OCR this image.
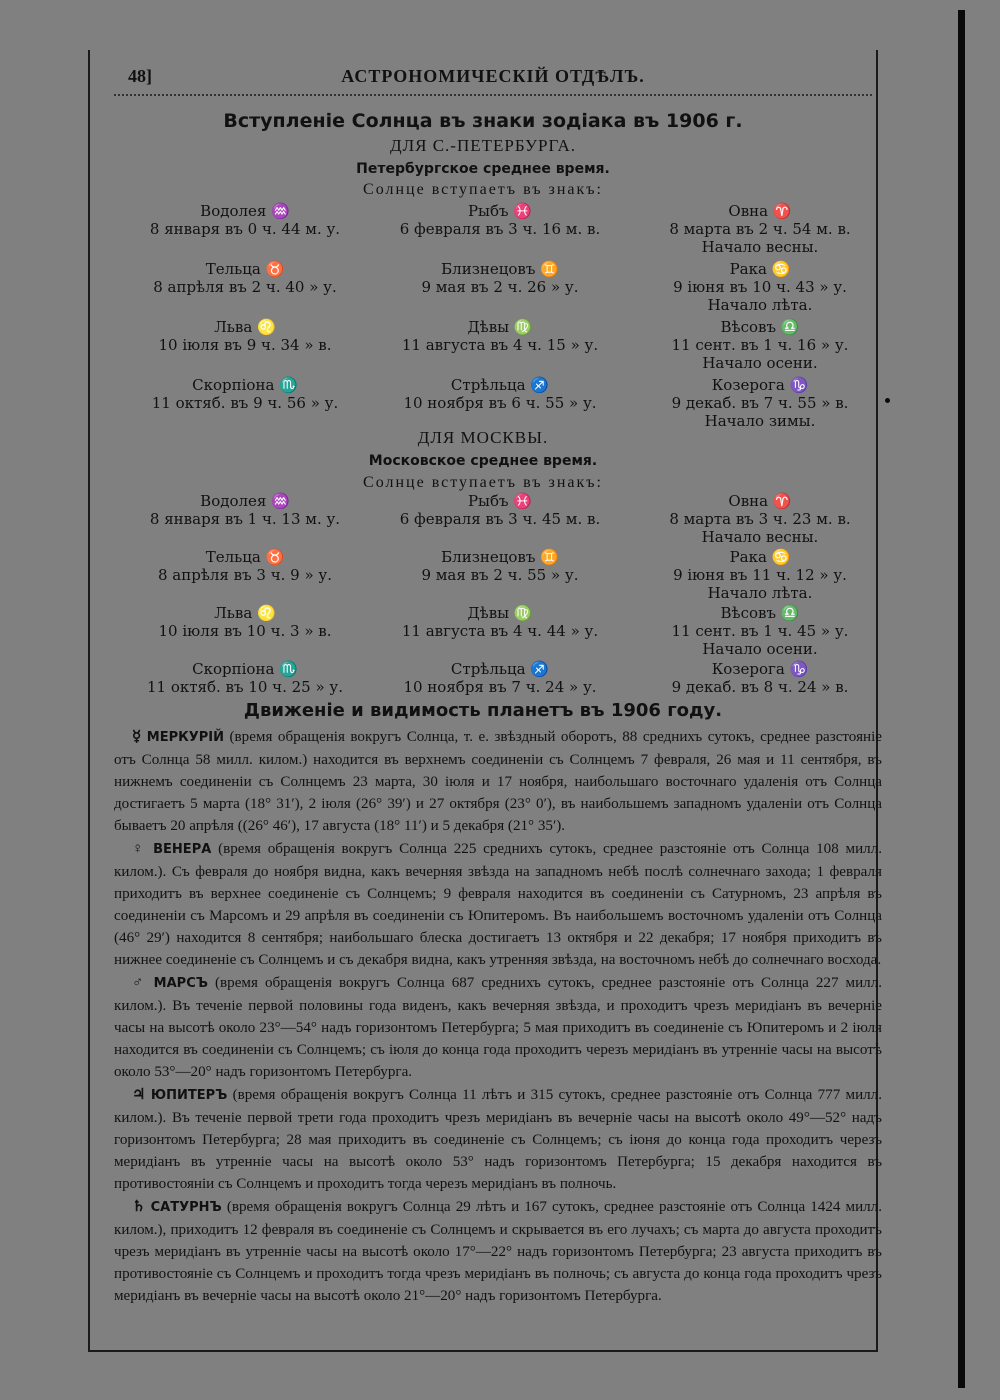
48]	АСТРОНОМИЧЕСКІЙ ОТДѢЛЪ.
Вступленіе Солнца въ знаки зодіака въ 1906 г.
ДЛЯ С.-ПЕТЕРБУРГА.
Петербургское среднее время.
Солнце вступаетъ въ знакъ:
Водолея ♒
8 января въ 0 ч. 44 м. у.
Рыбъ ♓
6 февраля въ 3 ч. 16 м. в.
Овна ♈
8 марта въ 2 ч. 54 м. в.
Начало весны.
Тельца ♉
8 апрѣля въ 2 ч. 40 » у.
Близнецовъ ♊
9 мая въ 2 ч. 26 » у.
Рака ♋
9 іюня въ 10 ч. 43 » у.
Начало лѣта.
Льва ♌
10 іюля въ 9 ч. 34 » в.
Дѣвы ♍
11 августа въ 4 ч. 15 » у.
Вѣсовъ ♎
11 сент. въ 1 ч. 16 » у.
Начало осени.
Скорпіона ♏
11 октяб. въ 9 ч. 56 » у.
Стрѣльца ♐
10 ноября въ 6 ч. 55 » у.
Козерога ♑
9 декаб. въ 7 ч. 55 » в.
Начало зимы.
ДЛЯ МОСКВЫ.
Московское среднее время.
Солнце вступаетъ въ знакъ:
Водолея ♒
8 января въ 1 ч. 13 м. у.
Рыбъ ♓
6 февраля въ 3 ч. 45 м. в.
Овна ♈
8 марта въ 3 ч. 23 м. в.
Начало весны.
Тельца ♉
8 апрѣля въ 3 ч. 9 » у.
Близнецовъ ♊
9 мая въ 2 ч. 55 » у.
Рака ♋
9 іюня въ 11 ч. 12 » у.
Начало лѣта.
Льва ♌
10 іюля въ 10 ч. 3 » в.
Дѣвы ♍
11 августа въ 4 ч. 44 » у.
Вѣсовъ ♎
11 сент. въ 1 ч. 45 » у.
Начало осени.
Скорпіона ♏
11 октяб. въ 10 ч. 25 » у.
Стрѣльца ♐
10 ноября въ 7 ч. 24 » у.
Козерога ♑
9 декаб. въ 8 ч. 24 » в.
Движеніе и видимость планетъ въ 1906 году.

☿ МЕРКУРІЙ (время обращенія вокругъ Солнца, т. е. звѣздный оборотъ, 88 среднихъ сутокъ, среднее разстояніе отъ Солнца 58 милл. килом.) находится въ верхнемъ соединеніи съ Солнцемъ 7 февраля, 26 мая и 11 сентября, въ нижнемъ соединеніи съ Солнцемъ 23 марта, 30 іюля и 17 ноября, наибольшаго восточнаго удаленія отъ Солнца достигаетъ 5 марта (18° 31′), 2 іюля (26° 39′) и 27 октября (23° 0′), въ наибольшемъ западномъ удаленіи отъ Солнца бываетъ 20 апрѣля ((26° 46′), 17 августа (18° 11′) и 5 декабря (21° 35′).

♀ ВЕНЕРА (время обращенія вокругъ Солнца 225 среднихъ сутокъ, среднее разстояніе отъ Солнца 108 милл. килом.). Съ февраля до ноября видна, какъ вечерняя звѣзда на западномъ небѣ послѣ солнечнаго захода; 1 февраля приходитъ въ верхнее соединеніе съ Солнцемъ; 9 февраля находится въ соединеніи съ Сатурномъ, 23 апрѣля въ соединеніи съ Марсомъ и 29 апрѣля въ соединеніи съ Юпитеромъ. Въ наибольшемъ восточномъ удаленіи отъ Солнца (46° 29′) находится 8 сентября; наибольшаго блеска достигаетъ 13 октября и 22 декабря; 17 ноября приходитъ въ нижнее соединеніе съ Солнцемъ и съ декабря видна, какъ утренняя звѣзда, на восточномъ небѣ до солнечнаго восхода.

♂ МАРСЪ (время обращенія вокругъ Солнца 687 среднихъ сутокъ, среднее разстояніе отъ Солнца 227 милл. килом.). Въ теченіе первой половины года виденъ, какъ вечерняя звѣзда, и проходитъ чрезъ меридіанъ въ вечерніе часы на высотѣ около 23°—54° надъ горизонтомъ Петербурга; 5 мая приходитъ въ соединеніе съ Юпитеромъ и 2 іюля находится въ соединеніи съ Солнцемъ; съ іюля до конца года проходитъ черезъ меридіанъ въ утренніе часы на высотѣ около 53°—20° надъ горизонтомъ Петербурга.

♃ ЮПИТЕРЪ (время обращенія вокругъ Солнца 11 лѣтъ и 315 сутокъ, среднее разстояніе отъ Солнца 777 милл. килом.). Въ теченіе первой трети года проходитъ чрезъ меридіанъ въ вечерніе часы на высотѣ около 49°—52° надъ горизонтомъ Петербурга; 28 мая приходитъ въ соединеніе съ Солнцемъ; съ іюня до конца года проходитъ черезъ меридіанъ въ утренніе часы на высотѣ около 53° надъ горизонтомъ Петербурга; 15 декабря находится въ противостояніи съ Солнцемъ и проходитъ тогда черезъ меридіанъ въ полночь.

♄ САТУРНЪ (время обращенія вокругъ Солнца 29 лѣтъ и 167 сутокъ, среднее разстояніе отъ Солнца 1424 милл. килом.), приходитъ 12 февраля въ соединеніе съ Солнцемъ и скрывается въ его лучахъ; съ марта до августа проходитъ чрезъ меридіанъ въ утренніе часы на высотѣ около 17°—22° надъ горизонтомъ Петербурга; 23 августа приходитъ въ противостояніе съ Солнцемъ и проходитъ тогда чрезъ меридіанъ въ полночь; съ августа до конца года проходитъ чрезъ меридіанъ въ вечерніе часы на высотѣ около 21°—20° надъ горизонтомъ Петербурга.
